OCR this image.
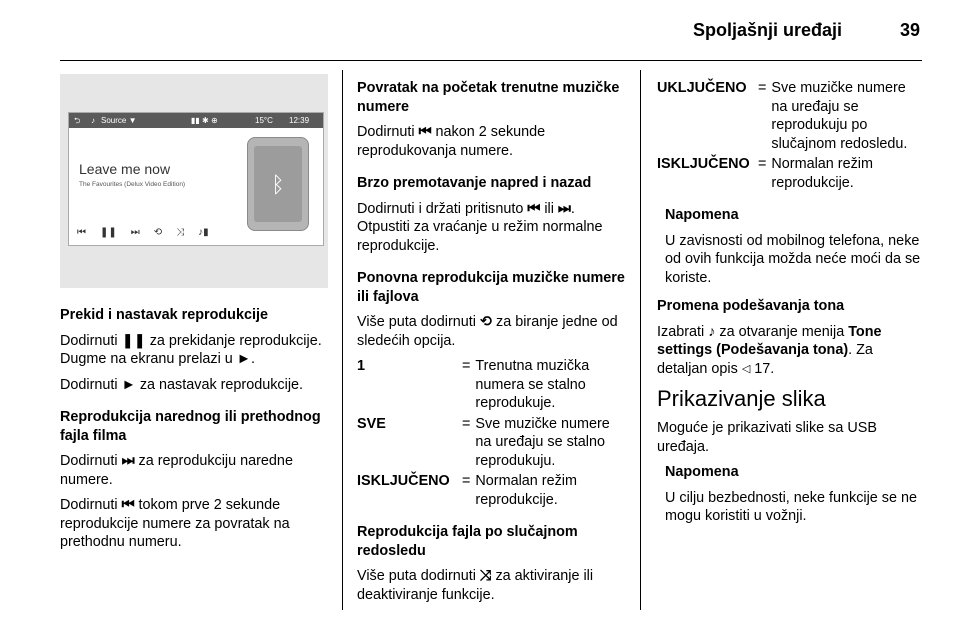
Spoljašnji uređaji	39
⮌ ♪ Source ▼	▮▮ ✱ ⊕	15°C 12:39
Leave me now
The Favourites (Delux Video Edition)
⏮ ❚❚ ⏭ ⟲ ⤨ ♪▮
ᛒ

Prekid i nastavak reprodukcije

Dodirnuti ❚❚ za prekidanje reprodukcije. Dugme na ekranu prelazi u ►.

Dodirnuti ► za nastavak reprodukcije.

Reprodukcija narednog ili prethodnog fajla filma

Dodirnuti ⏭ za reprodukciju naredne numere.

Dodirnuti ⏮ tokom prve 2 sekunde reprodukcije numere za povratak na prethodnu numeru.

Povratak na početak trenutne muzičke numere

Dodirnuti ⏮ nakon 2 sekunde reprodukovanja numere.

Brzo premotavanje napred i nazad

Dodirnuti i držati pritisnuto ⏮ ili ⏭. Otpustiti za vraćanje u režim normalne reprodukcije.

Ponovna reprodukcija muzičke numere ili fajlova

Više puta dodirnuti ⟲ za biranje jedne od sledećih opcija.

1	= Trenutna muzička numera se stalno reprodukuje.
SVE	= Sve muzičke numere na uređaju se stalno reprodukuju.
ISKLJUČENO = Normalan režim reprodukcije.

Reprodukcija fajla po slučajnom redosledu

Više puta dodirnuti ⤨ za aktiviranje ili deaktiviranje funkcije.

UKLJUČENO = Sve muzičke numere na uređaju se reprodukuju po slučajnom redosledu.
ISKLJUČENO = Normalan režim reprodukcije.

Napomena

U zavisnosti od mobilnog telefona, neke od ovih funkcija možda neće moći da se koriste.

Promena podešavanja tona

Izabrati ♪ za otvaranje menija Tone settings (Podešavanja tona). Za detaljan opis ◁ 17.

Prikazivanje slika

Moguće je prikazivati slike sa USB uređaja.

Napomena

U cilju bezbednosti, neke funkcije se ne mogu koristiti u vožnji.
